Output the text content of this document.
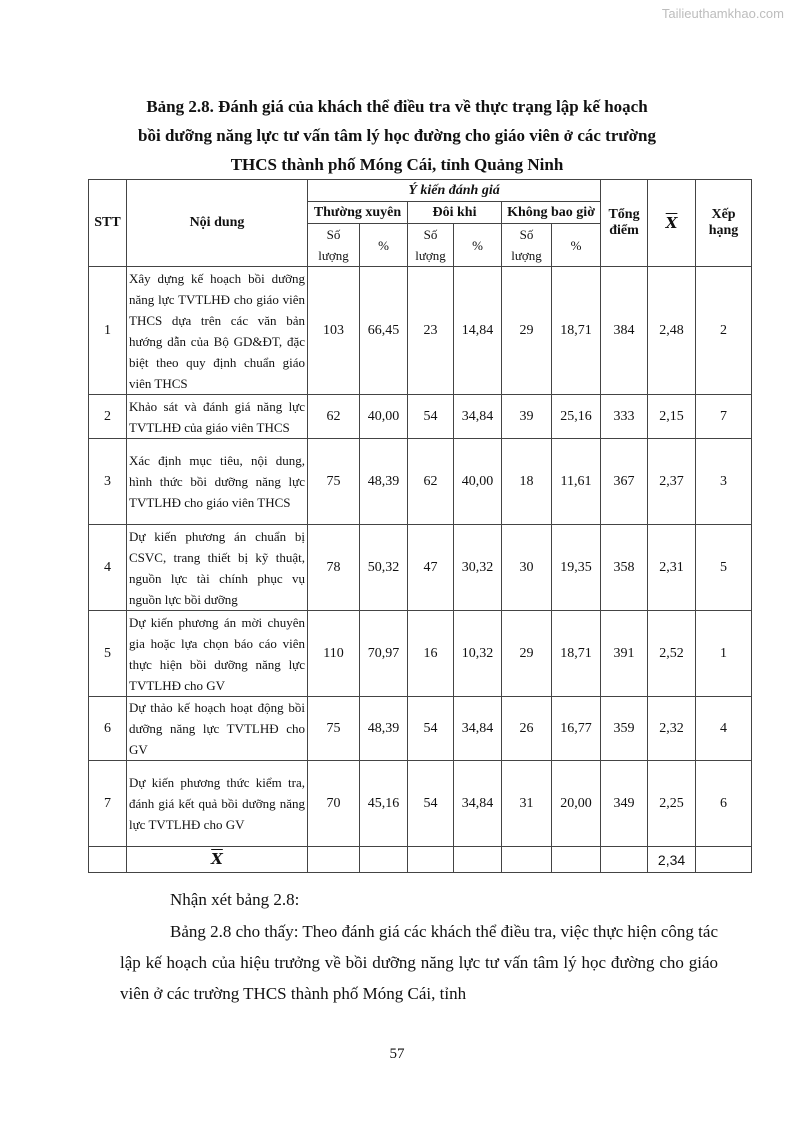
Tailieuthamkhao.com
Bảng 2.8. Đánh giá của khách thể điều tra về thực trạng lập kế hoạch
bồi dưỡng năng lực tư vấn tâm lý học đường cho giáo viên ở các trường
THCS thành phố Móng Cái, tỉnh Quảng Ninh
STT	Nội dung	Ý kiến đánh giá						Tổng điểm	$\overline{X}$	Xếp hạng
		Thường xuyên		Đôi khi		Không bao giờ				
		Số lượng	%	Số lượng	%	Số lượng	%			
1	Xây dựng kế hoạch bồi dưỡng năng lực TVTLHĐ cho giáo viên THCS dựa trên các văn bản hướng dẫn của Bộ GD&ĐT, đặc biệt theo quy định chuẩn giáo viên THCS	103	66,45	23	14,84	29	18,71	384	2,48	2
2	Khảo sát và đánh giá năng lực TVTLHĐ của giáo viên THCS	62	40,00	54	34,84	39	25,16	333	2,15	7
3	Xác định mục tiêu, nội dung, hình thức bồi dưỡng năng lực TVTLHĐ cho giáo viên THCS	75	48,39	62	40,00	18	11,61	367	2,37	3
4	Dự kiến phương án chuẩn bị CSVC, trang thiết bị kỹ thuật, nguồn lực tài chính phục vụ nguồn lực bồi dưỡng	78	50,32	47	30,32	30	19,35	358	2,31	5
5	Dự kiến phương án mời chuyên gia hoặc lựa chọn báo cáo viên thực hiện bồi dưỡng năng lực TVTLHĐ cho GV	110	70,97	16	10,32	29	18,71	391	2,52	1
6	Dự thảo kế hoạch hoạt động bồi dưỡng năng lực TVTLHĐ cho GV	75	48,39	54	34,84	26	16,77	359	2,32	4
7	Dự kiến phương thức kiểm tra, đánh giá kết quả bồi dưỡng năng lực TVTLHĐ cho GV	70	45,16	54	34,84	31	20,00	349	2,25	6
	$\overline{X}$								2,34	
Nhận xét bảng 2.8:
Bảng 2.8 cho thấy: Theo đánh giá các khách thể điều tra, việc thực hiện công tác lập kế hoạch của hiệu trưởng về bồi dưỡng năng lực tư vấn tâm lý học đường cho giáo viên ở các trường THCS thành phố Móng Cái, tỉnh
57
